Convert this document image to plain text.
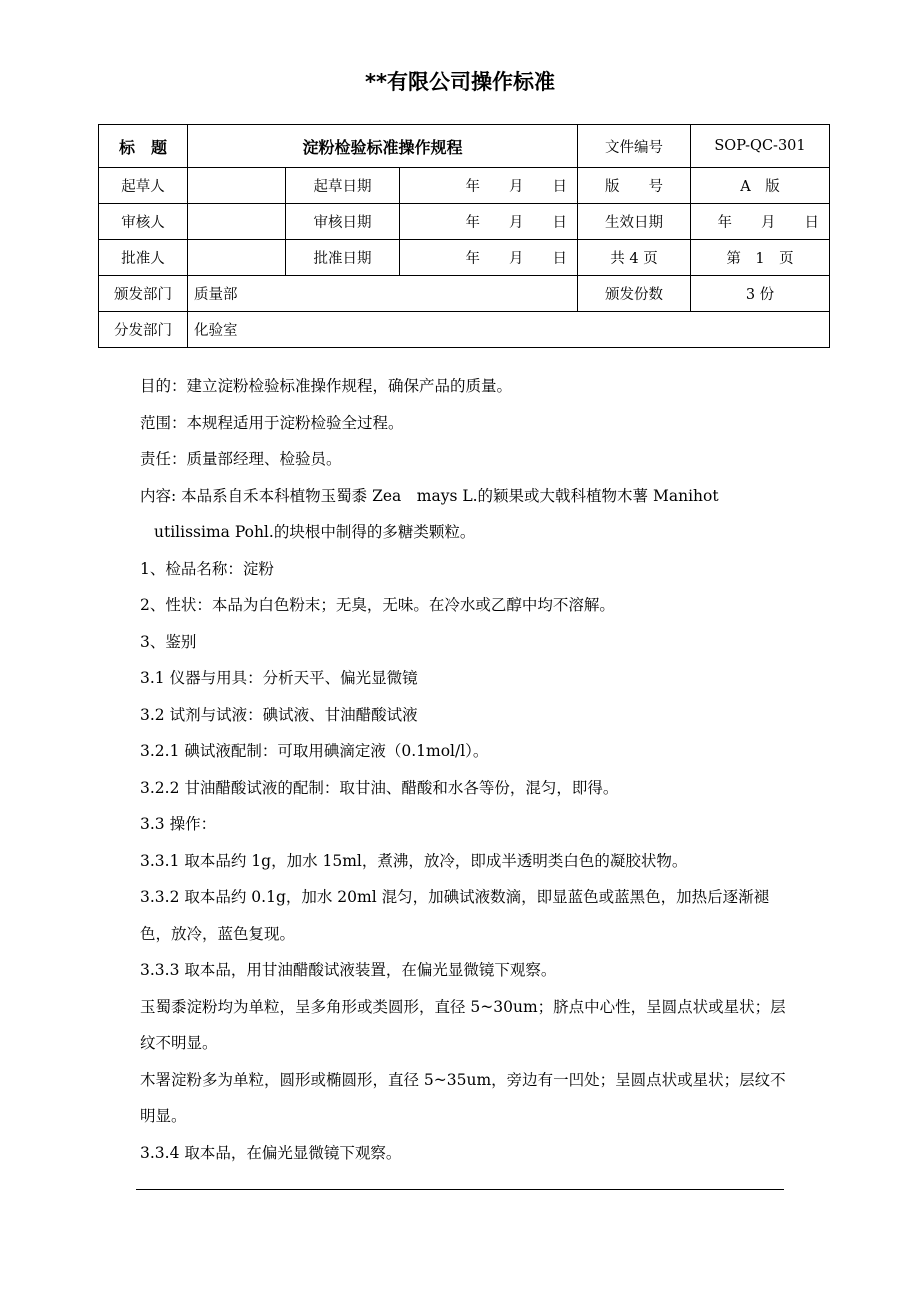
**有限公司操作标准
标　题	淀粉检验标准操作规程			文件编号	SOP-QC-301
起草人		起草日期	年　　月　　日	版　　号	A　版
审核人		审核日期	年　　月　　日	生效日期	年　　月　　日
批准人		批准日期	年　　月　　日	共 4 页	第　1　页
颁发部门	质量部			颁发份数	3 份
分发部门	化验室				
目的：建立淀粉检验标准操作规程，确保产品的质量。
范围：本规程适用于淀粉检验全过程。
责任：质量部经理、检验员。
内容: 本品系自禾本科植物玉蜀黍 Zea　mays L.的颖果或大戟科植物木薯 Manihot utilissima Pohl.的块根中制得的多糖类颗粒。
1、检品名称：淀粉
2、性状：本品为白色粉末；无臭，无味。在冷水或乙醇中均不溶解。
3、鉴别
3.1 仪器与用具：分析天平、偏光显微镜
3.2 试剂与试液：碘试液、甘油醋酸试液
3.2.1 碘试液配制：可取用碘滴定液（0.1mol/l）。
3.2.2 甘油醋酸试液的配制：取甘油、醋酸和水各等份，混匀，即得。
3.3 操作：
3.3.1 取本品约 1g，加水 15ml，煮沸，放冷，即成半透明类白色的凝胶状物。
3.3.2 取本品约 0.1g，加水 20ml 混匀，加碘试液数滴，即显蓝色或蓝黑色，加热后逐渐褪色，放冷，蓝色复现。
3.3.3 取本品，用甘油醋酸试液装置，在偏光显微镜下观察。
玉蜀黍淀粉均为单粒，呈多角形或类圆形，直径 5~30um；脐点中心性，呈圆点状或星状；层纹不明显。
木署淀粉多为单粒，圆形或椭圆形，直径 5~35um，旁边有一凹处；呈圆点状或星状；层纹不明显。
3.3.4 取本品，在偏光显微镜下观察。
